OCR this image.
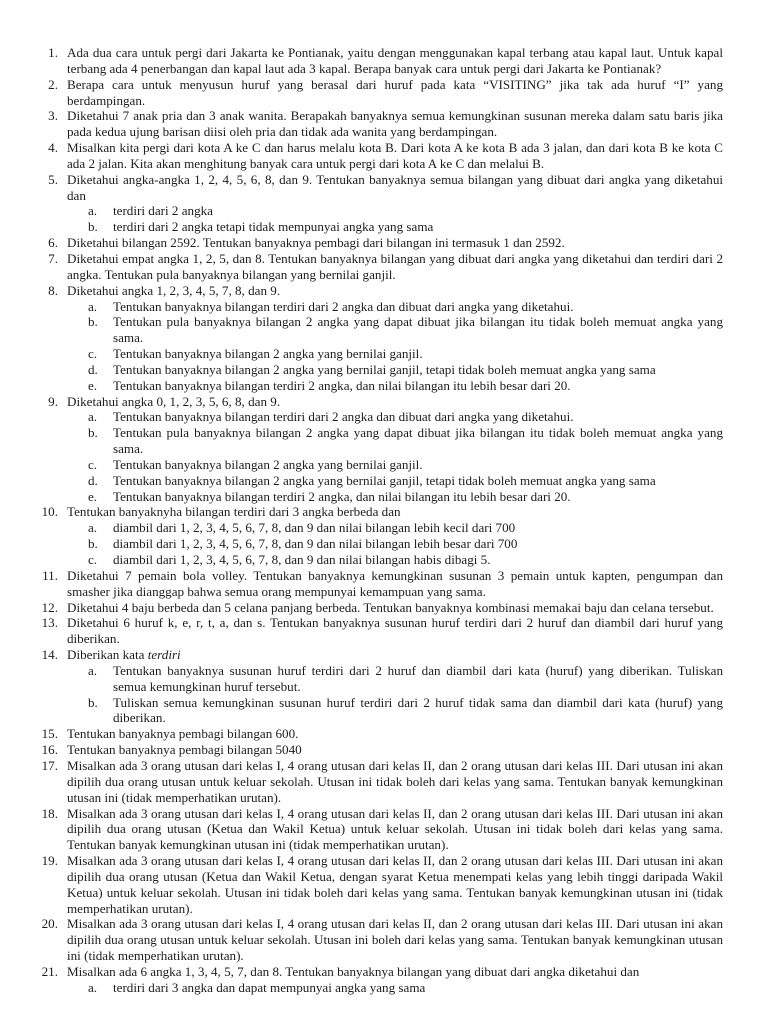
1. Ada dua cara untuk pergi dari Jakarta ke Pontianak, yaitu dengan menggunakan kapal terbang atau kapal laut. Untuk kapal terbang ada 4 penerbangan dan kapal laut ada 3 kapal. Berapa banyak cara untuk pergi dari Jakarta ke Pontianak?
2. Berapa cara untuk menyusun huruf yang berasal dari huruf pada kata “VISITING” jika tak ada huruf “I” yang berdampingan.
3. Diketahui 7 anak pria dan 3 anak wanita. Berapakah banyaknya semua kemungkinan susunan mereka dalam satu baris jika pada kedua ujung barisan diisi oleh pria dan tidak ada wanita yang berdampingan.
4. Misalkan kita pergi dari kota A ke C dan harus melalu kota B. Dari kota A ke kota B ada 3 jalan, dan dari kota B ke kota C ada 2 jalan. Kita akan menghitung banyak cara untuk pergi dari kota A ke C dan melalui B.
5. Diketahui angka-angka 1, 2, 4, 5, 6, 8, dan 9. Tentukan banyaknya semua bilangan yang dibuat dari angka yang diketahui dan
a. terdiri dari 2 angka
b. terdiri dari 2 angka tetapi tidak mempunyai angka yang sama
6. Diketahui bilangan 2592. Tentukan banyaknya pembagi dari bilangan ini termasuk 1 dan 2592.
7. Diketahui empat angka 1, 2, 5, dan 8. Tentukan banyaknya bilangan yang dibuat dari angka yang diketahui dan terdiri dari 2 angka. Tentukan pula banyaknya bilangan yang bernilai ganjil.
8. Diketahui angka 1, 2, 3, 4, 5, 7, 8, dan 9.
a. Tentukan banyaknya bilangan terdiri dari 2 angka dan dibuat dari angka yang diketahui.
b. Tentukan pula banyaknya bilangan 2 angka yang dapat dibuat jika bilangan itu tidak boleh memuat angka yang sama.
c. Tentukan banyaknya bilangan 2 angka yang bernilai ganjil.
d. Tentukan banyaknya bilangan 2 angka yang bernilai ganjil, tetapi tidak boleh memuat angka yang sama
e. Tentukan banyaknya bilangan terdiri 2 angka, dan nilai bilangan itu lebih besar dari 20.
9. Diketahui angka 0, 1, 2, 3, 5, 6, 8, dan 9.
a. Tentukan banyaknya bilangan terdiri dari 2 angka dan dibuat dari angka yang diketahui.
b. Tentukan pula banyaknya bilangan 2 angka yang dapat dibuat jika bilangan itu tidak boleh memuat angka yang sama.
c. Tentukan banyaknya bilangan 2 angka yang bernilai ganjil.
d. Tentukan banyaknya bilangan 2 angka yang bernilai ganjil, tetapi tidak boleh memuat angka yang sama
e. Tentukan banyaknya bilangan terdiri 2 angka, dan nilai bilangan itu lebih besar dari 20.
10. Tentukan banyaknyha bilangan terdiri dari 3 angka berbeda dan
a. diambil dari 1, 2, 3, 4, 5, 6, 7, 8, dan 9 dan nilai bilangan lebih kecil dari 700
b. diambil dari 1, 2, 3, 4, 5, 6, 7, 8, dan 9 dan nilai bilangan lebih besar dari 700
c. diambil dari 1, 2, 3, 4, 5, 6, 7, 8, dan 9 dan nilai bilangan habis dibagi 5.
11. Diketahui 7 pemain bola volley. Tentukan banyaknya kemungkinan susunan 3 pemain untuk kapten, pengumpan dan smasher jika dianggap bahwa semua orang mempunyai kemampuan yang sama.
12. Diketahui 4 baju berbeda dan 5 celana panjang berbeda. Tentukan banyaknya kombinasi memakai baju dan celana tersebut.
13. Diketahui 6 huruf k, e, r, t, a, dan s. Tentukan banyaknya susunan huruf terdiri dari 2 huruf dan diambil dari huruf yang diberikan.
14. Diberikan kata terdiri
a. Tentukan banyaknya susunan huruf terdiri dari 2 huruf dan diambil dari kata (huruf) yang diberikan. Tuliskan semua kemungkinan huruf tersebut.
b. Tuliskan semua kemungkinan susunan huruf terdiri dari 2 huruf tidak sama dan diambil dari kata (huruf) yang diberikan.
15. Tentukan banyaknya pembagi bilangan 600.
16. Tentukan banyaknya pembagi bilangan 5040
17. Misalkan ada 3 orang utusan dari kelas I, 4 orang utusan dari kelas II, dan 2 orang utusan dari kelas III. Dari utusan ini akan dipilih dua orang utusan untuk keluar sekolah. Utusan ini tidak boleh dari kelas yang sama. Tentukan banyak kemungkinan utusan ini (tidak memperhatikan urutan).
18. Misalkan ada 3 orang utusan dari kelas I, 4 orang utusan dari kelas II, dan 2 orang utusan dari kelas III. Dari utusan ini akan dipilih dua orang utusan (Ketua dan Wakil Ketua) untuk keluar sekolah. Utusan ini tidak boleh dari kelas yang sama. Tentukan banyak kemungkinan utusan ini (tidak memperhatikan urutan).
19. Misalkan ada 3 orang utusan dari kelas I, 4 orang utusan dari kelas II, dan 2 orang utusan dari kelas III. Dari utusan ini akan dipilih dua orang utusan (Ketua dan Wakil Ketua, dengan syarat Ketua menempati kelas yang lebih tinggi daripada Wakil Ketua) untuk keluar sekolah. Utusan ini tidak boleh dari kelas yang sama. Tentukan banyak kemungkinan utusan ini (tidak memperhatikan urutan).
20. Misalkan ada 3 orang utusan dari kelas I, 4 orang utusan dari kelas II, dan 2 orang utusan dari kelas III. Dari utusan ini akan dipilih dua orang utusan untuk keluar sekolah. Utusan ini boleh dari kelas yang sama. Tentukan banyak kemungkinan utusan ini (tidak memperhatikan urutan).
21. Misalkan ada 6 angka 1, 3, 4, 5, 7, dan 8. Tentukan banyaknya bilangan yang dibuat dari angka diketahui dan
a. terdiri dari 3 angka dan dapat mempunyai angka yang sama
